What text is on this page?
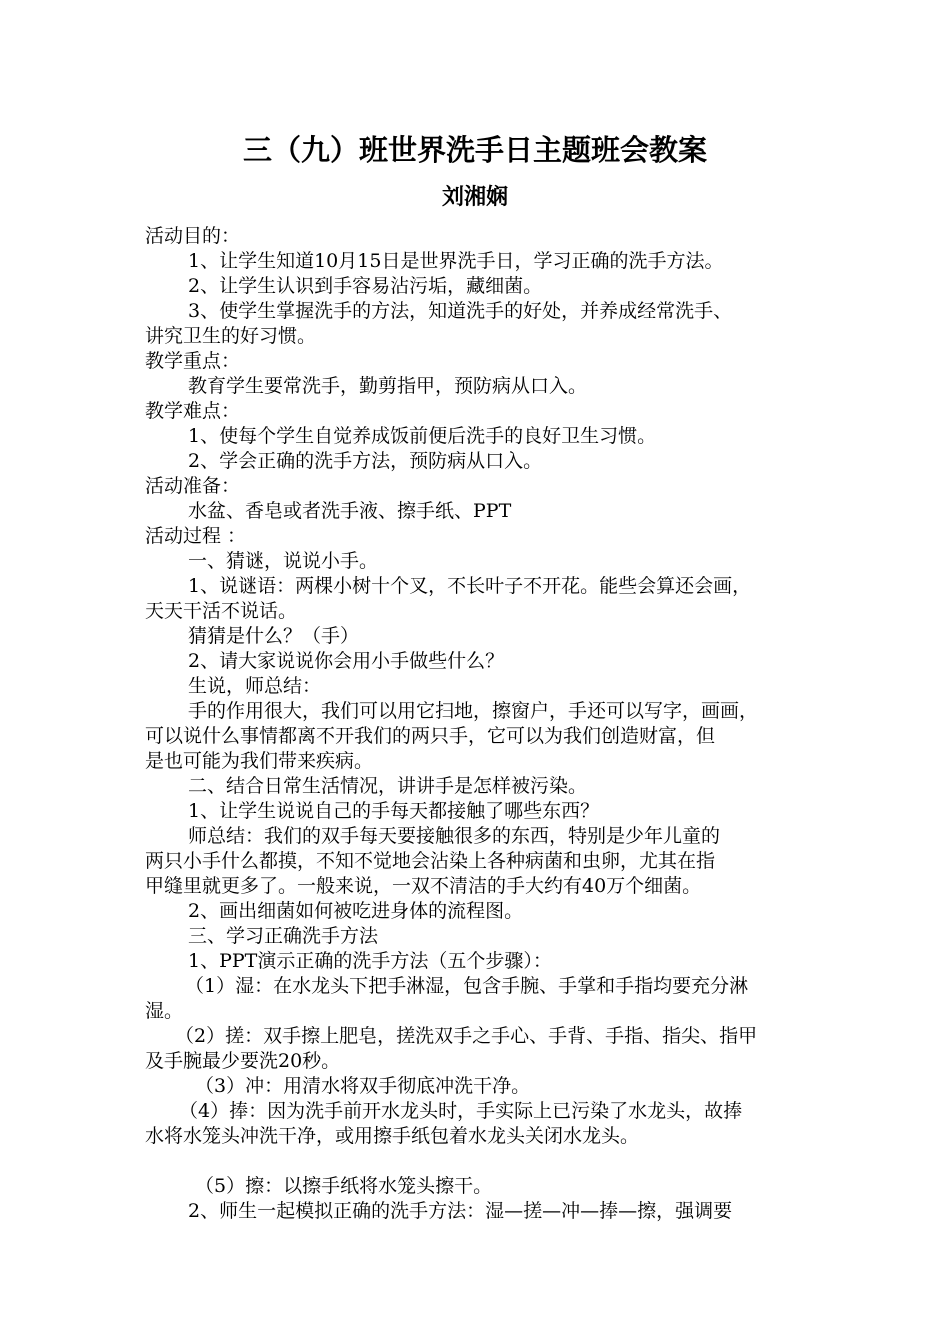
三（九）班世界洗手日主题班会教案
刘湘娴
活动目的：
1、让学生知道10月15日是世界洗手日，学习正确的洗手方法。
2、让学生认识到手容易沾污垢，藏细菌。
3、使学生掌握洗手的方法，知道洗手的好处，并养成经常洗手、
讲究卫生的好习惯。
教学重点：
教育学生要常洗手，勤剪指甲，预防病从口入。
教学难点：
1、使每个学生自觉养成饭前便后洗手的良好卫生习惯。
2、学会正确的洗手方法，预防病从口入。
活动准备：
水盆、香皂或者洗手液、擦手纸、PPT
活动过程 ：
一、猜谜，说说小手。
1、说谜语：两棵小树十个叉，不长叶子不开花。能些会算还会画，
天天干活不说话。
猜猜是什么？（手）
2、请大家说说你会用小手做些什么？
生说，师总结：
手的作用很大，我们可以用它扫地，擦窗户，手还可以写字，画画，
可以说什么事情都离不开我们的两只手，它可以为我们创造财富，但
是也可能为我们带来疾病。
二、结合日常生活情况，讲讲手是怎样被污染。
1、让学生说说自己的手每天都接触了哪些东西？
师总结：我们的双手每天要接触很多的东西，特别是少年儿童的
两只小手什么都摸，不知不觉地会沾染上各种病菌和虫卵，尤其在指
甲缝里就更多了。一般来说，一双不清洁的手大约有40万个细菌。
2、画出细菌如何被吃进身体的流程图。
三、学习正确洗手方法
1、PPT演示正确的洗手方法（五个步骤）：
（1）湿：在水龙头下把手淋湿，包含手腕、手掌和手指均要充分淋
湿。
（2）搓：双手擦上肥皂，搓洗双手之手心、手背、手指、指尖、指甲
及手腕最少要洗20秒。
（3）冲：用清水将双手彻底冲洗干净。
（4）捧：因为洗手前开水龙头时，手实际上已污染了水龙头，故捧
水将水笼头冲洗干净，或用擦手纸包着水龙头关闭水龙头。
（5）擦：以擦手纸将水笼头擦干。
2、师生一起模拟正确的洗手方法：湿—搓—冲—捧—擦，强调要
